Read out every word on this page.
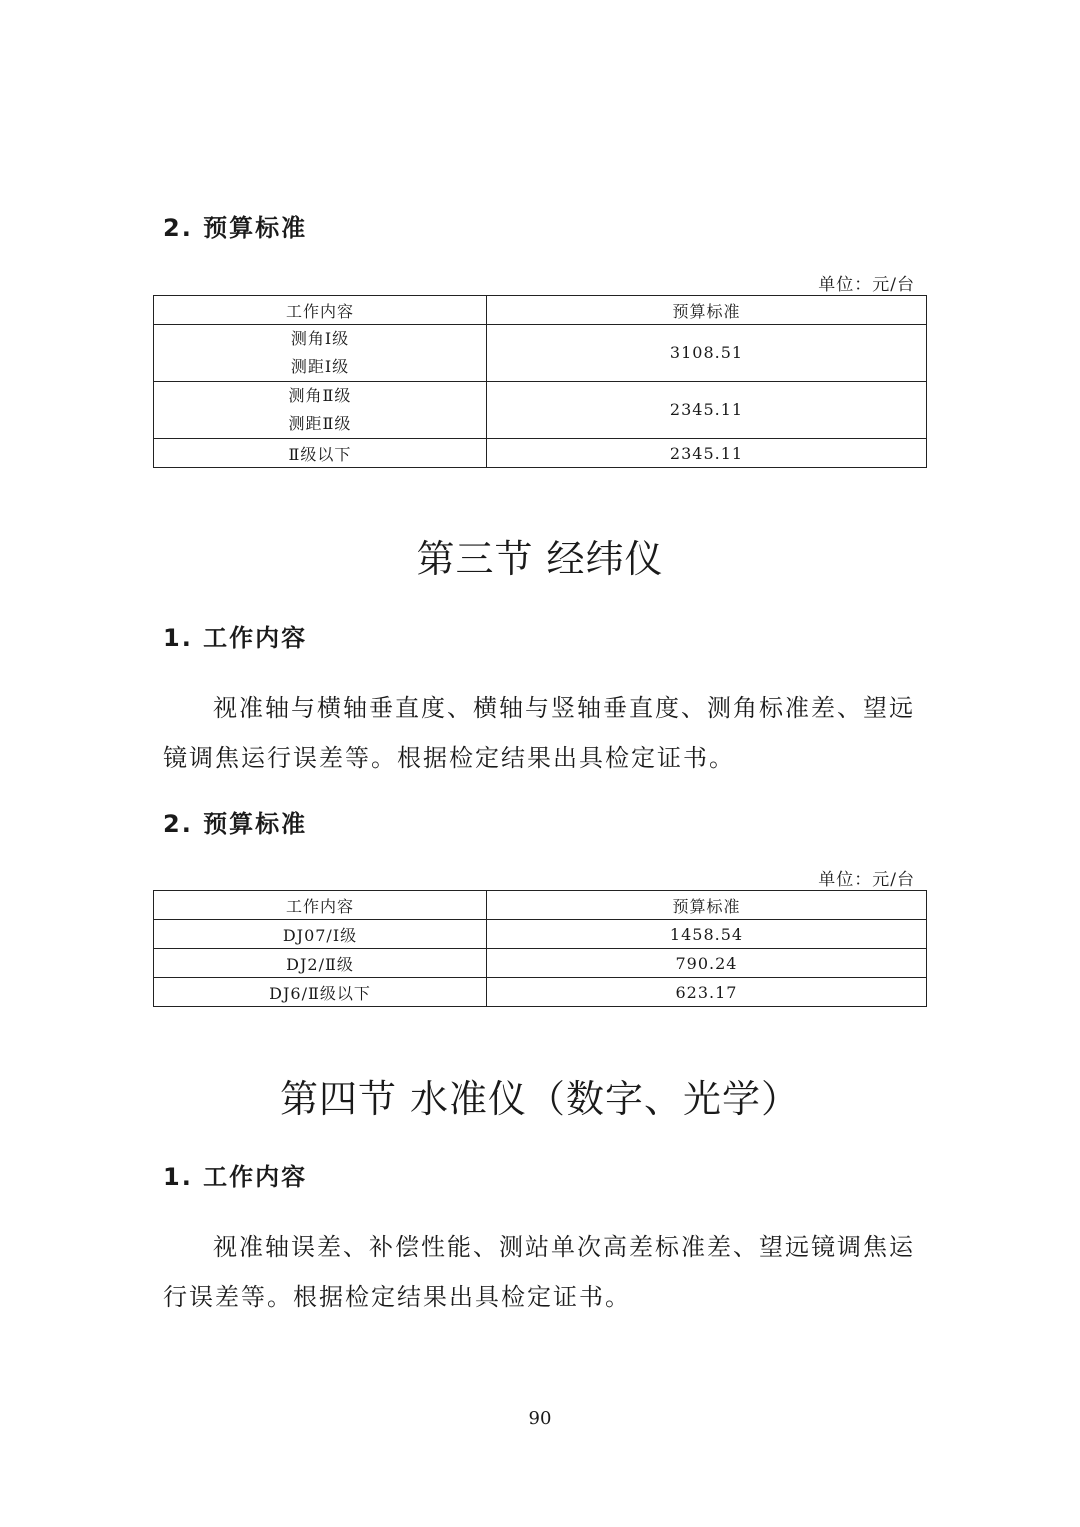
2. 预算标准
单位：元/台
工作内容	预算标准

测角Ⅰ级
测距Ⅰ级	3108.51

测角Ⅱ级
测距Ⅱ级	2345.11
Ⅱ级以下	2345.11
第三节 经纬仪
1. 工作内容
视准轴与横轴垂直度、横轴与竖轴垂直度、测角标准差、望远镜调焦运行误差等。根据检定结果出具检定证书。
2. 预算标准
单位：元/台
工作内容	预算标准
DJ07/Ⅰ级	1458.54
DJ2/Ⅱ级	790.24
DJ6/Ⅱ级以下	623.17
第四节 水准仪（数字、光学）
1. 工作内容
视准轴误差、补偿性能、测站单次高差标准差、望远镜调焦运行误差等。根据检定结果出具检定证书。
90
